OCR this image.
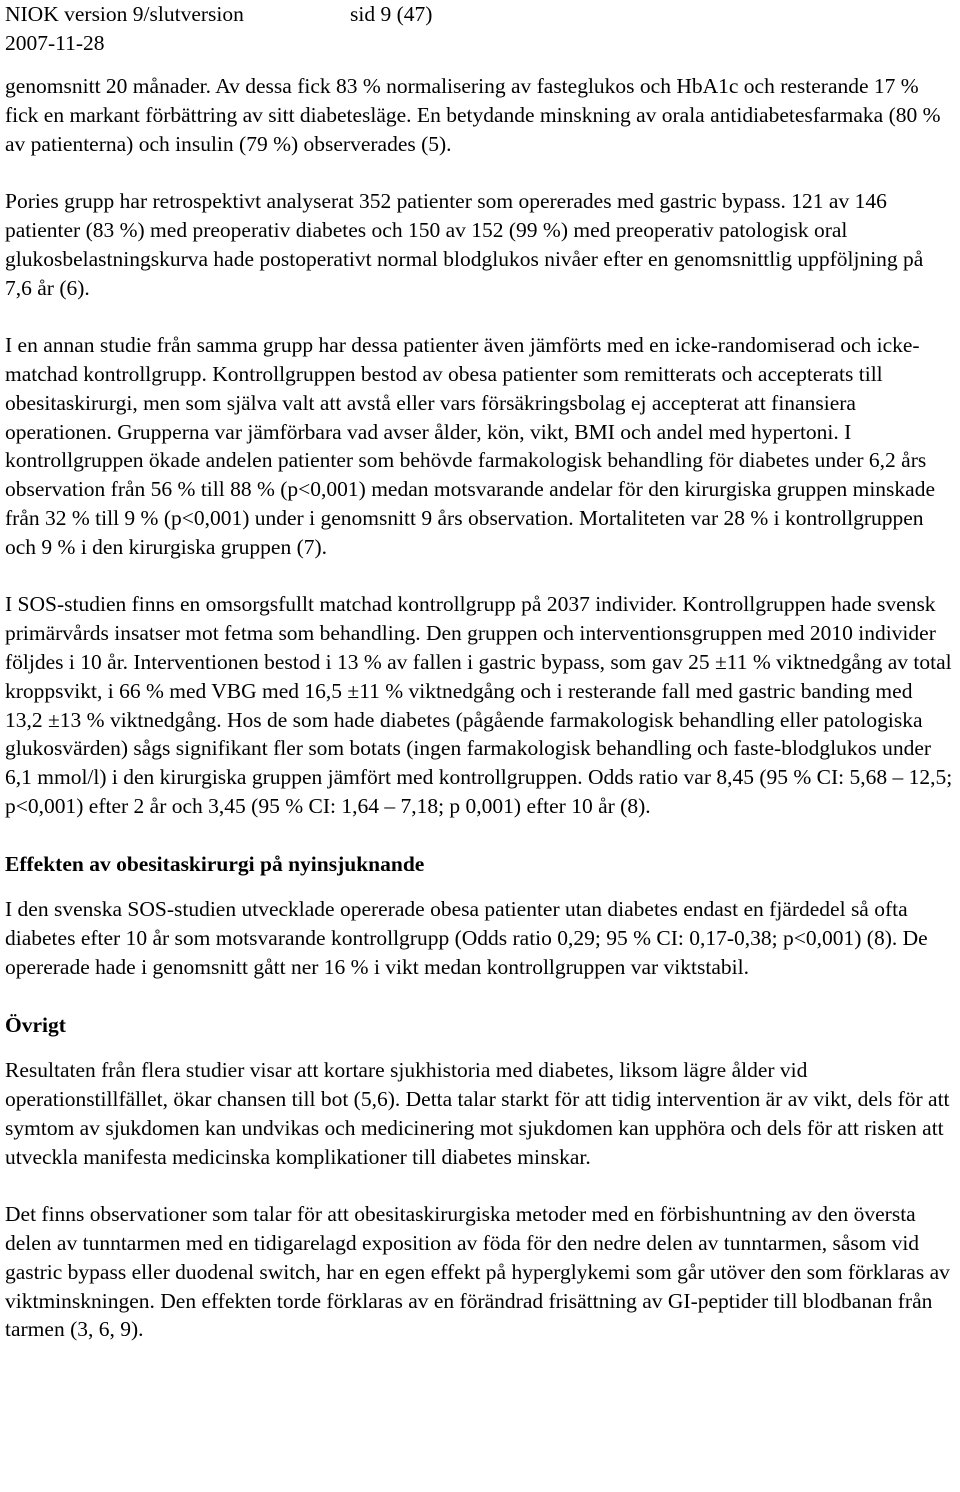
NIOK version 9/slutversion	sid 9 (47)
2007-11-28

genomsnitt 20 månader. Av dessa fick 83 % normalisering av fasteglukos och HbA1c och resterande 17 % fick en markant förbättring av sitt diabetesläge. En betydande minskning av orala antidiabetesfarmaka (80 % av patienterna) och insulin (79 %) observerades (5).

Pories grupp har retrospektivt analyserat 352 patienter som opererades med gastric bypass. 121 av 146 patienter (83 %) med preoperativ diabetes och 150 av 152 (99 %) med preoperativ patologisk oral glukosbelastningskurva hade postoperativt normal blodglukos nivåer efter en genomsnittlig uppföljning på 7,6 år (6).

I en annan studie från samma grupp har dessa patienter även jämförts med en icke-randomiserad och icke-matchad kontrollgrupp. Kontrollgruppen bestod av obesa patienter som remitterats och accepterats till obesitaskirurgi, men som själva valt att avstå eller vars försäkringsbolag ej accepterat att finansiera operationen. Grupperna var jämförbara vad avser ålder, kön, vikt, BMI och andel med hypertoni. I kontrollgruppen ökade andelen patienter som behövde farmakologisk behandling för diabetes under 6,2 års observation från 56 % till 88 % (p<0,001) medan motsvarande andelar för den kirurgiska gruppen minskade från 32 % till 9 % (p<0,001) under i genomsnitt 9 års observation. Mortaliteten var 28 % i kontrollgruppen och 9 % i den kirurgiska gruppen (7).

I SOS-studien finns en omsorgsfullt matchad kontrollgrupp på 2037 individer. Kontrollgruppen hade svensk primärvårds insatser mot fetma som behandling. Den gruppen och interventionsgruppen med 2010 individer följdes i 10 år. Interventionen bestod i 13 % av fallen i gastric bypass, som gav 25 ±11 % viktnedgång av total kroppsvikt, i 66 % med VBG med 16,5 ±11 % viktnedgång och i resterande fall med gastric banding med 13,2 ±13 % viktnedgång. Hos de som hade diabetes (pågående farmakologisk behandling eller patologiska glukosvärden) sågs signifikant fler som botats (ingen farmakologisk behandling och faste-blodglukos under 6,1 mmol/l) i den kirurgiska gruppen jämfört med kontrollgruppen. Odds ratio var 8,45 (95 % CI: 5,68 – 12,5; p<0,001) efter 2 år och 3,45 (95 % CI: 1,64 – 7,18; p 0,001) efter 10 år (8).

Effekten av obesitaskirurgi på nyinsjuknande

I den svenska SOS-studien utvecklade opererade obesa patienter utan diabetes endast en fjärdedel så ofta diabetes efter 10 år som motsvarande kontrollgrupp (Odds ratio 0,29; 95 % CI: 0,17-0,38; p<0,001) (8). De opererade hade i genomsnitt gått ner 16 % i vikt medan kontrollgruppen var viktstabil.

Övrigt

Resultaten från flera studier visar att kortare sjukhistoria med diabetes, liksom lägre ålder vid operationstillfället, ökar chansen till bot (5,6). Detta talar starkt för att tidig intervention är av vikt, dels för att symtom av sjukdomen kan undvikas och medicinering mot sjukdomen kan upphöra och dels för att risken att utveckla manifesta medicinska komplikationer till diabetes minskar.

Det finns observationer som talar för att obesitaskirurgiska metoder med en förbishuntning av den översta delen av tunntarmen med en tidigarelagd exposition av föda för den nedre delen av tunntarmen, såsom vid gastric bypass eller duodenal switch, har en egen effekt på hyperglykemi som går utöver den som förklaras av viktminskningen. Den effekten torde förklaras av en förändrad frisättning av GI-peptider till blodbanan från tarmen (3, 6, 9).
